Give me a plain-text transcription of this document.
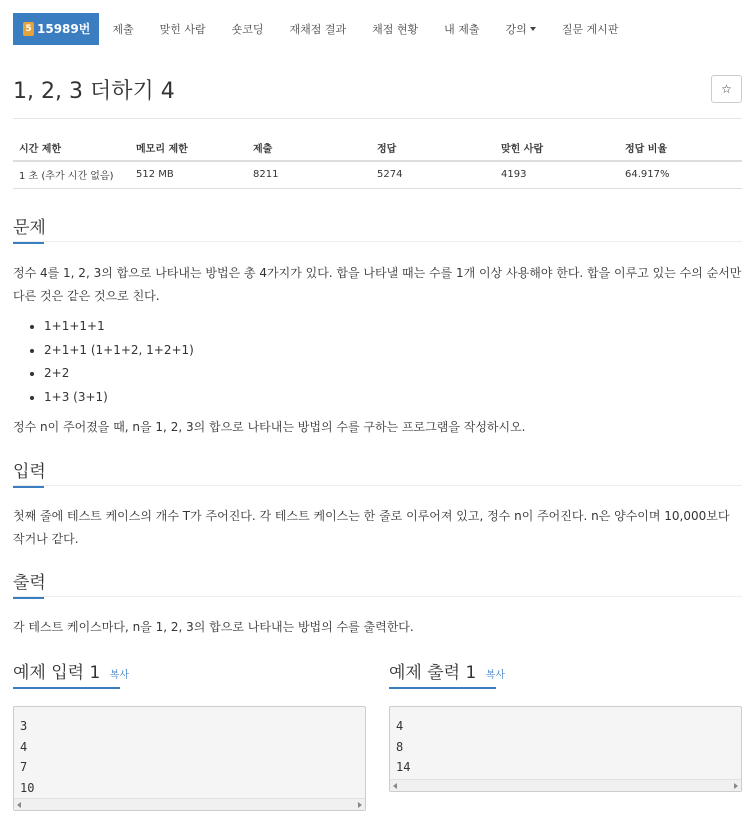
5 15989번	제출	맞힌 사람	숏코딩	재채점 결과	채점 현황	내 제출	강의	질문 게시판
1, 2, 3 더하기 4	☆
시간 제한	메모리 제한	제출	정답	맞힌 사람	정답 비율
1 초 (추가 시간 없음)	512 MB	8211	5274	4193	64.917%
문제

정수 4를 1, 2, 3의 합으로 나타내는 방법은 총 4가지가 있다. 합을 나타낼 때는 수를 1개 이상 사용해야 한다. 합을 이루고 있는 수의 순서만 다른 것은 같은 것으로 친다.

• 1+1+1+1
• 2+1+1 (1+1+2, 1+2+1)
• 2+2
• 1+3 (3+1)

정수 n이 주어졌을 때, n을 1, 2, 3의 합으로 나타내는 방법의 수를 구하는 프로그램을 작성하시오.

입력

첫째 줄에 테스트 케이스의 개수 T가 주어진다. 각 테스트 케이스는 한 줄로 이루어져 있고, 정수 n이 주어진다. n은 양수이며 10,000보다 작거나 같다.

출력

각 테스트 케이스마다, n을 1, 2, 3의 합으로 나타내는 방법의 수를 출력한다.

예제 입력 1 복사
3
4
7
10
예제 출력 1 복사
4
8
14
